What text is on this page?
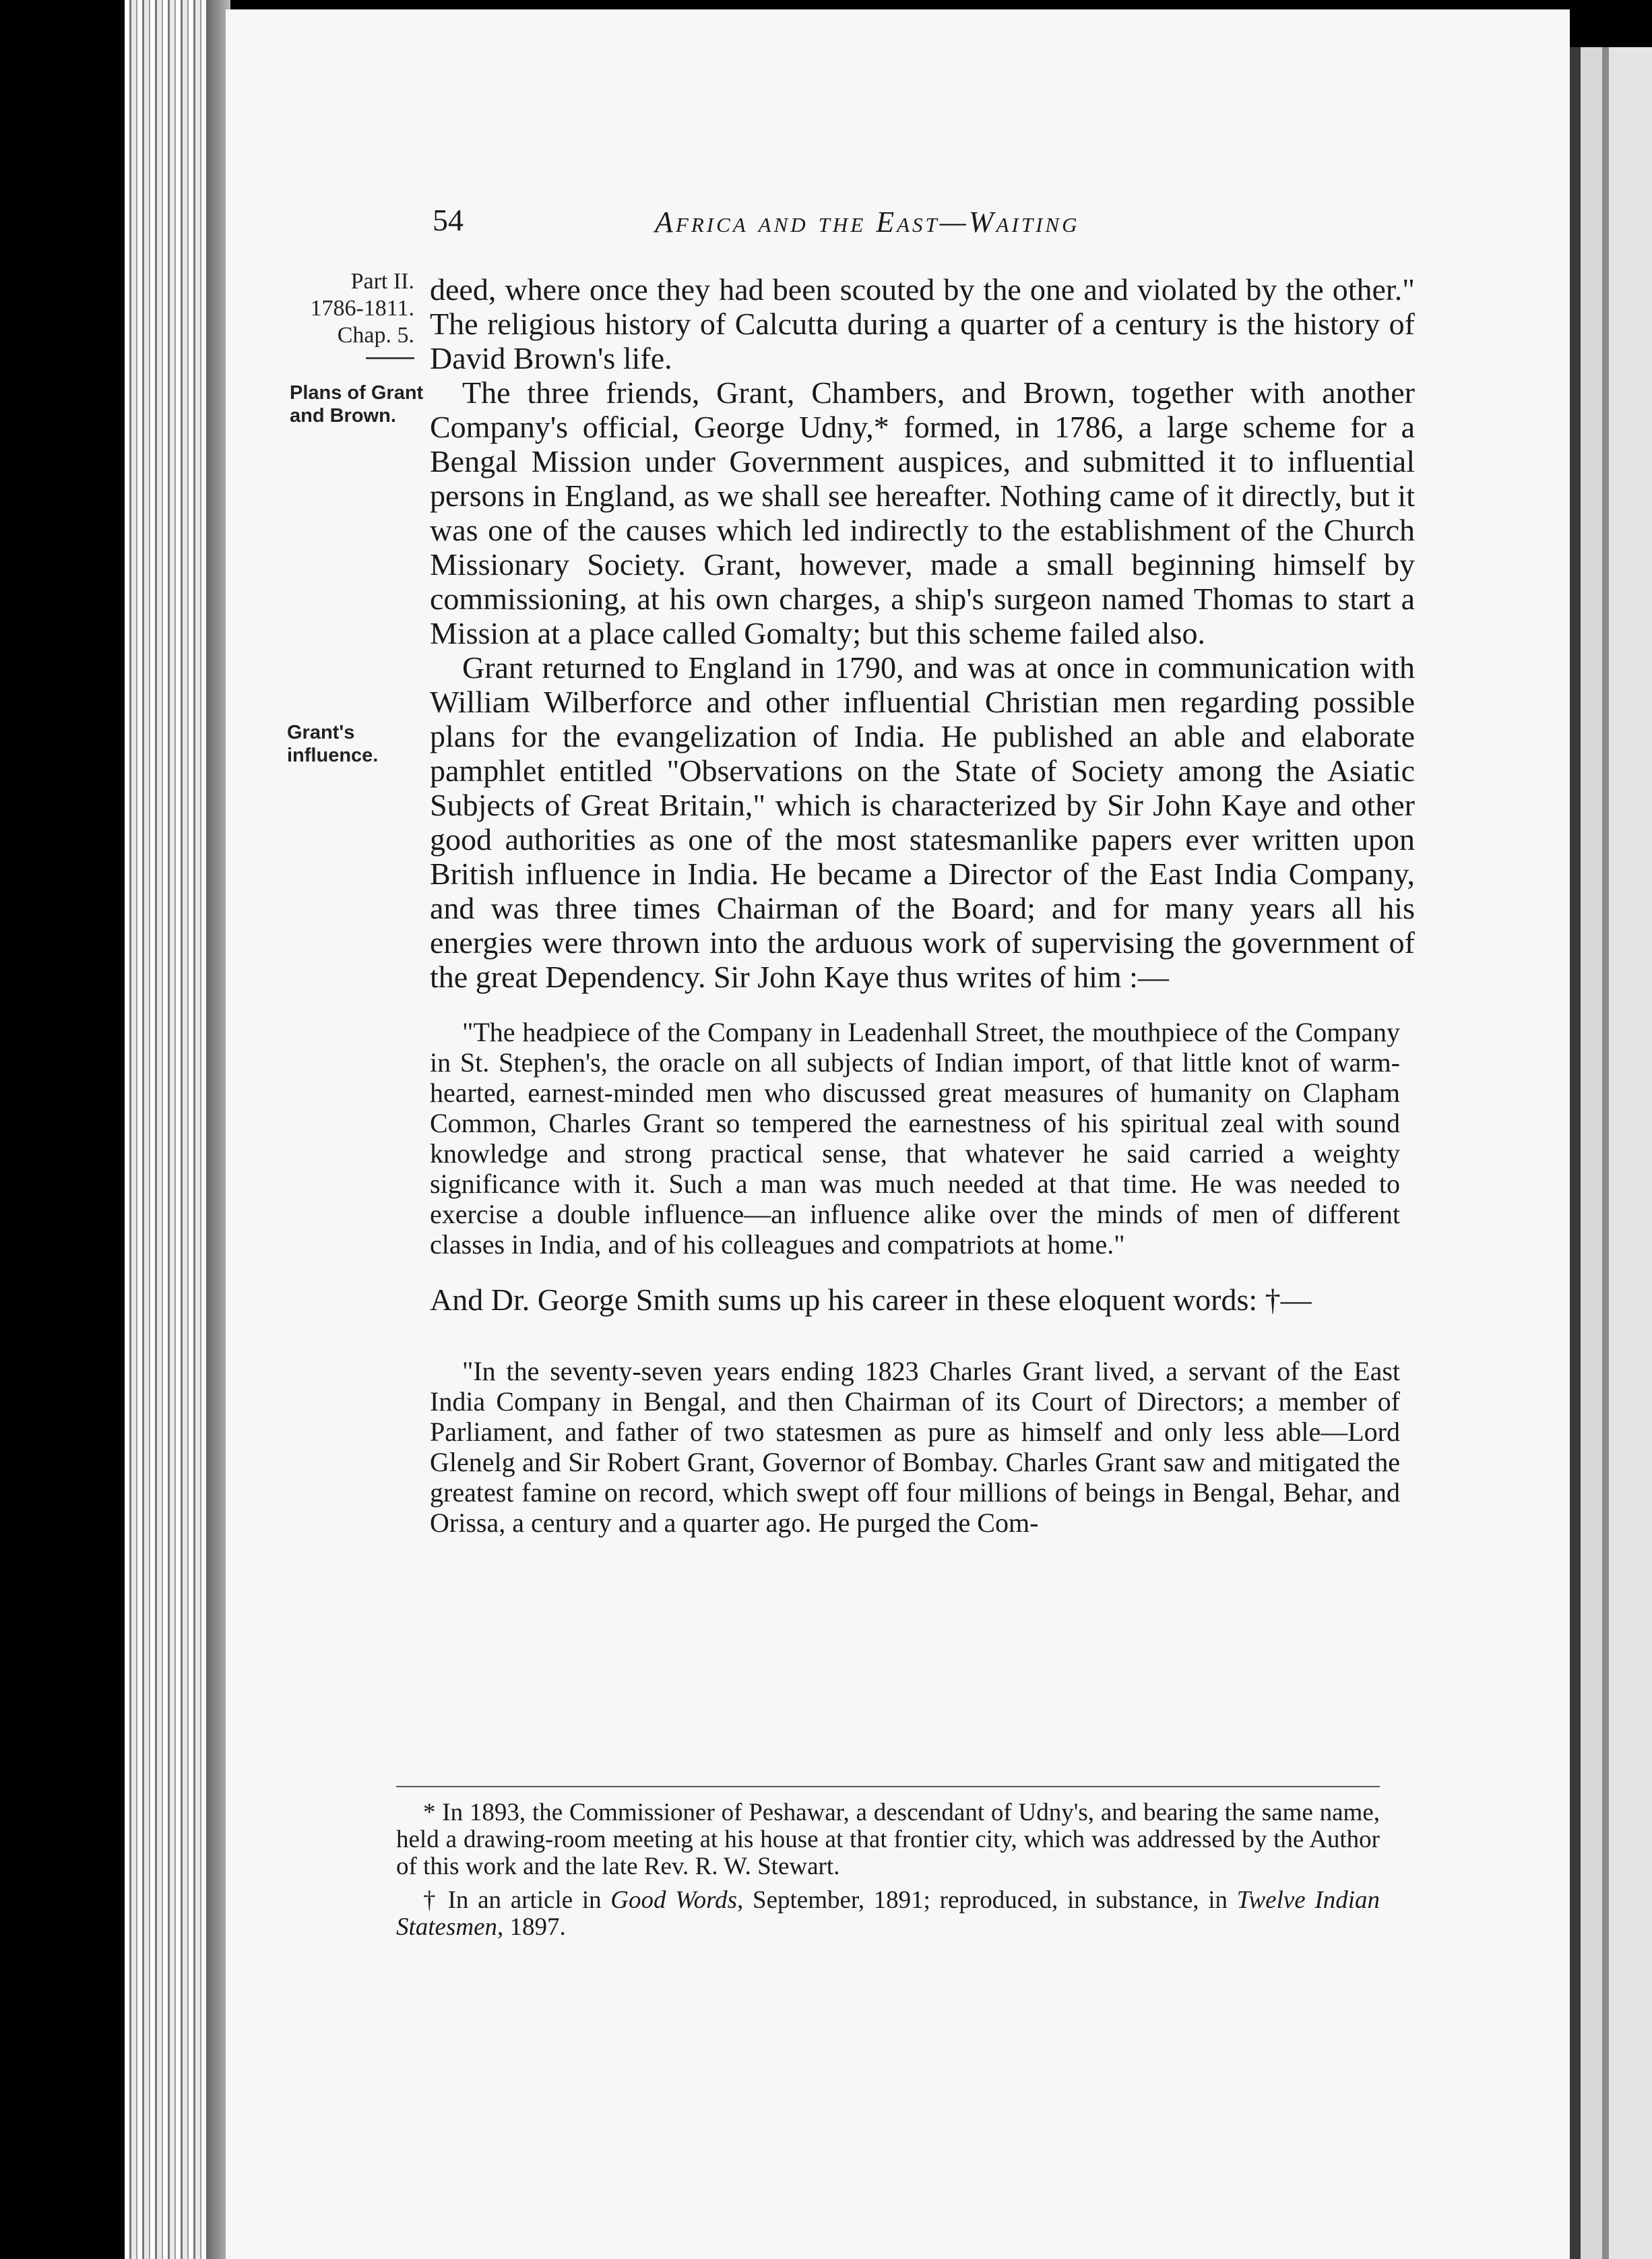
54	Africa and the East—Waiting
Part II.
1786-1811.
Chap. 5.
Plans of Grant and Brown.
Grant's influence.

deed, where once they had been scouted by the one and violated by the other." The religious history of Calcutta during a quarter of a century is the history of David Brown's life.

The three friends, Grant, Chambers, and Brown, together with another Company's official, George Udny,* formed, in 1786, a large scheme for a Bengal Mission under Government auspices, and submitted it to influential persons in England, as we shall see hereafter. Nothing came of it directly, but it was one of the causes which led indirectly to the establishment of the Church Missionary Society. Grant, however, made a small beginning himself by commissioning, at his own charges, a ship's surgeon named Thomas to start a Mission at a place called Gomalty; but this scheme failed also.

Grant returned to England in 1790, and was at once in communication with William Wilberforce and other influential Christian men regarding possible plans for the evangelization of India. He published an able and elaborate pamphlet entitled "Observations on the State of Society among the Asiatic Subjects of Great Britain," which is characterized by Sir John Kaye and other good authorities as one of the most statesmanlike papers ever written upon British influence in India. He became a Director of the East India Company, and was three times Chairman of the Board; and for many years all his energies were thrown into the arduous work of supervising the government of the great Dependency. Sir John Kaye thus writes of him :—

"The headpiece of the Company in Leadenhall Street, the mouthpiece of the Company in St. Stephen's, the oracle on all subjects of Indian import, of that little knot of warm-hearted, earnest-minded men who discussed great measures of humanity on Clapham Common, Charles Grant so tempered the earnestness of his spiritual zeal with sound knowledge and strong practical sense, that whatever he said carried a weighty significance with it. Such a man was much needed at that time. He was needed to exercise a double influence—an influence alike over the minds of men of different classes in India, and of his colleagues and compatriots at home."

And Dr. George Smith sums up his career in these eloquent words: †—

"In the seventy-seven years ending 1823 Charles Grant lived, a servant of the East India Company in Bengal, and then Chairman of its Court of Directors; a member of Parliament, and father of two statesmen as pure as himself and only less able—Lord Glenelg and Sir Robert Grant, Governor of Bombay. Charles Grant saw and mitigated the greatest famine on record, which swept off four millions of beings in Bengal, Behar, and Orissa, a century and a quarter ago. He purged the Com-

* In 1893, the Commissioner of Peshawar, a descendant of Udny's, and bearing the same name, held a drawing-room meeting at his house at that frontier city, which was addressed by the Author of this work and the late Rev. R. W. Stewart.

† In an article in Good Words, September, 1891; reproduced, in substance, in Twelve Indian Statesmen, 1897.
